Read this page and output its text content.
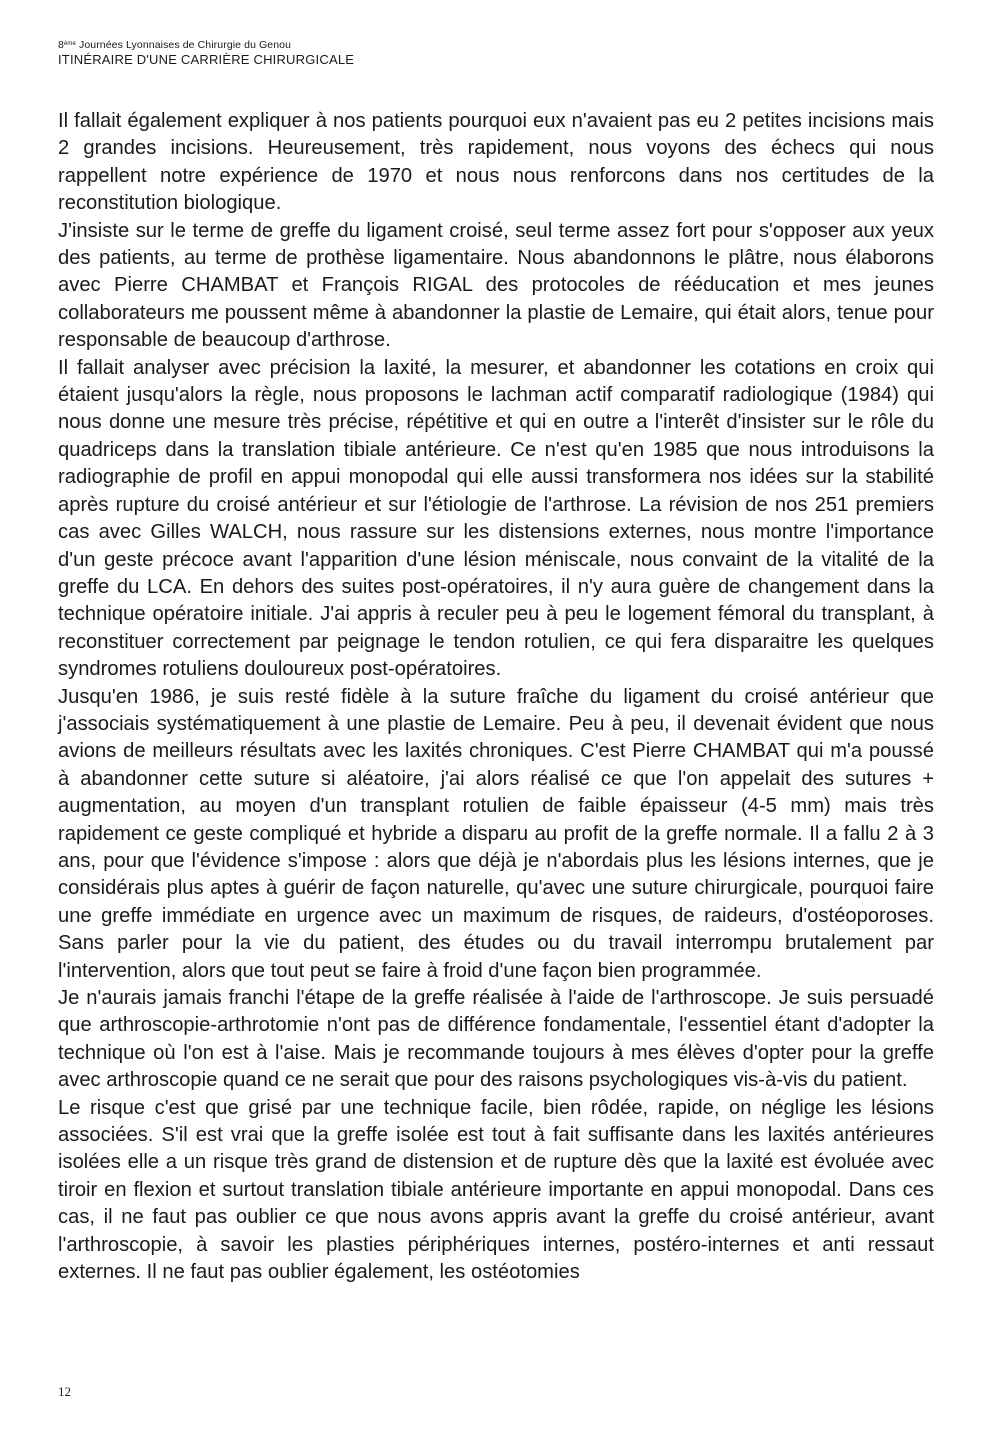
8ème Journées Lyonnaises de Chirurgie du Genou
ITINÉRAIRE D'UNE CARRIÈRE CHIRURGICALE

Il fallait également expliquer à nos patients pourquoi eux n'avaient pas eu 2 petites incisions mais 2 grandes incisions. Heureusement, très rapidement, nous voyons des échecs qui nous rappellent notre expérience de 1970 et nous nous renforcons dans nos certitudes de la reconstitution biologique.

J'insiste sur le terme de greffe du ligament croisé, seul terme assez fort pour s'opposer aux yeux des patients, au terme de prothèse ligamentaire. Nous abandonnons le plâtre, nous élaborons avec Pierre CHAMBAT et François RIGAL des protocoles de rééducation et mes jeunes collaborateurs me poussent même à abandonner la plastie de Lemaire, qui était alors, tenue pour responsable de beaucoup d'arthrose.

Il fallait analyser avec précision la laxité, la mesurer, et abandonner les cotations en croix qui étaient jusqu'alors la règle, nous proposons le lachman actif comparatif radiologique (1984) qui nous donne une mesure très précise, répétitive et qui en outre a l'interêt d'insister sur le rôle du quadriceps dans la translation tibiale antérieure. Ce n'est qu'en 1985 que nous introduisons la radiographie de profil en appui monopodal qui elle aussi transformera nos idées sur la stabilité après rupture du croisé antérieur et sur l'étiologie de l'arthrose. La révision de nos 251 premiers cas avec Gilles WALCH, nous rassure sur les distensions externes, nous montre l'importance d'un geste précoce avant l'apparition d'une lésion méniscale, nous convaint de la vitalité de la greffe du LCA. En dehors des suites post-opératoires, il n'y aura guère de changement dans la technique opératoire initiale. J'ai appris à reculer peu à peu le logement fémoral du transplant, à reconstituer correctement par peignage le tendon rotulien, ce qui fera disparaitre les quelques syndromes rotuliens douloureux post-opératoires.

Jusqu'en 1986, je suis resté fidèle à la suture fraîche du ligament du croisé antérieur que j'associais systématiquement à une plastie de Lemaire. Peu à peu, il devenait évident que nous avions de meilleurs résultats avec les laxités chroniques. C'est Pierre CHAMBAT qui m'a poussé à abandonner cette suture si aléatoire, j'ai alors réalisé ce que l'on appelait des sutures + augmentation, au moyen d'un transplant rotulien de faible épaisseur (4-5 mm) mais très rapidement ce geste compliqué et hybride a disparu au profit de la greffe normale. Il a fallu 2 à 3 ans, pour que l'évidence s'impose : alors que déjà je n'abordais plus les lésions internes, que je considérais plus aptes à guérir de façon naturelle, qu'avec une suture chirurgicale, pourquoi faire une greffe immédiate en urgence avec un maximum de risques, de raideurs, d'ostéoporoses. Sans parler pour la vie du patient, des études ou du travail interrompu brutalement par l'intervention, alors que tout peut se faire à froid d'une façon bien programmée.

Je n'aurais jamais franchi l'étape de la greffe réalisée à l'aide de l'arthroscope. Je suis persuadé que arthroscopie-arthrotomie n'ont pas de différence fondamentale, l'essentiel étant d'adopter la technique où l'on est à l'aise. Mais je recommande toujours à mes élèves d'opter pour la greffe avec arthroscopie quand ce ne serait que pour des raisons psychologiques vis-à-vis du patient.

Le risque c'est que grisé par une technique facile, bien rôdée, rapide, on néglige les lésions associées. S'il est vrai que la greffe isolée est tout à fait suffisante dans les laxités antérieures isolées elle a un risque très grand de distension et de rupture dès que la laxité est évoluée avec tiroir en flexion et surtout translation tibiale antérieure importante en appui monopodal. Dans ces cas, il ne faut pas oublier ce que nous avons appris avant la greffe du croisé antérieur, avant l'arthroscopie, à savoir les plasties périphériques internes, postéro-internes et anti ressaut externes. Il ne faut pas oublier également, les ostéotomies

12
